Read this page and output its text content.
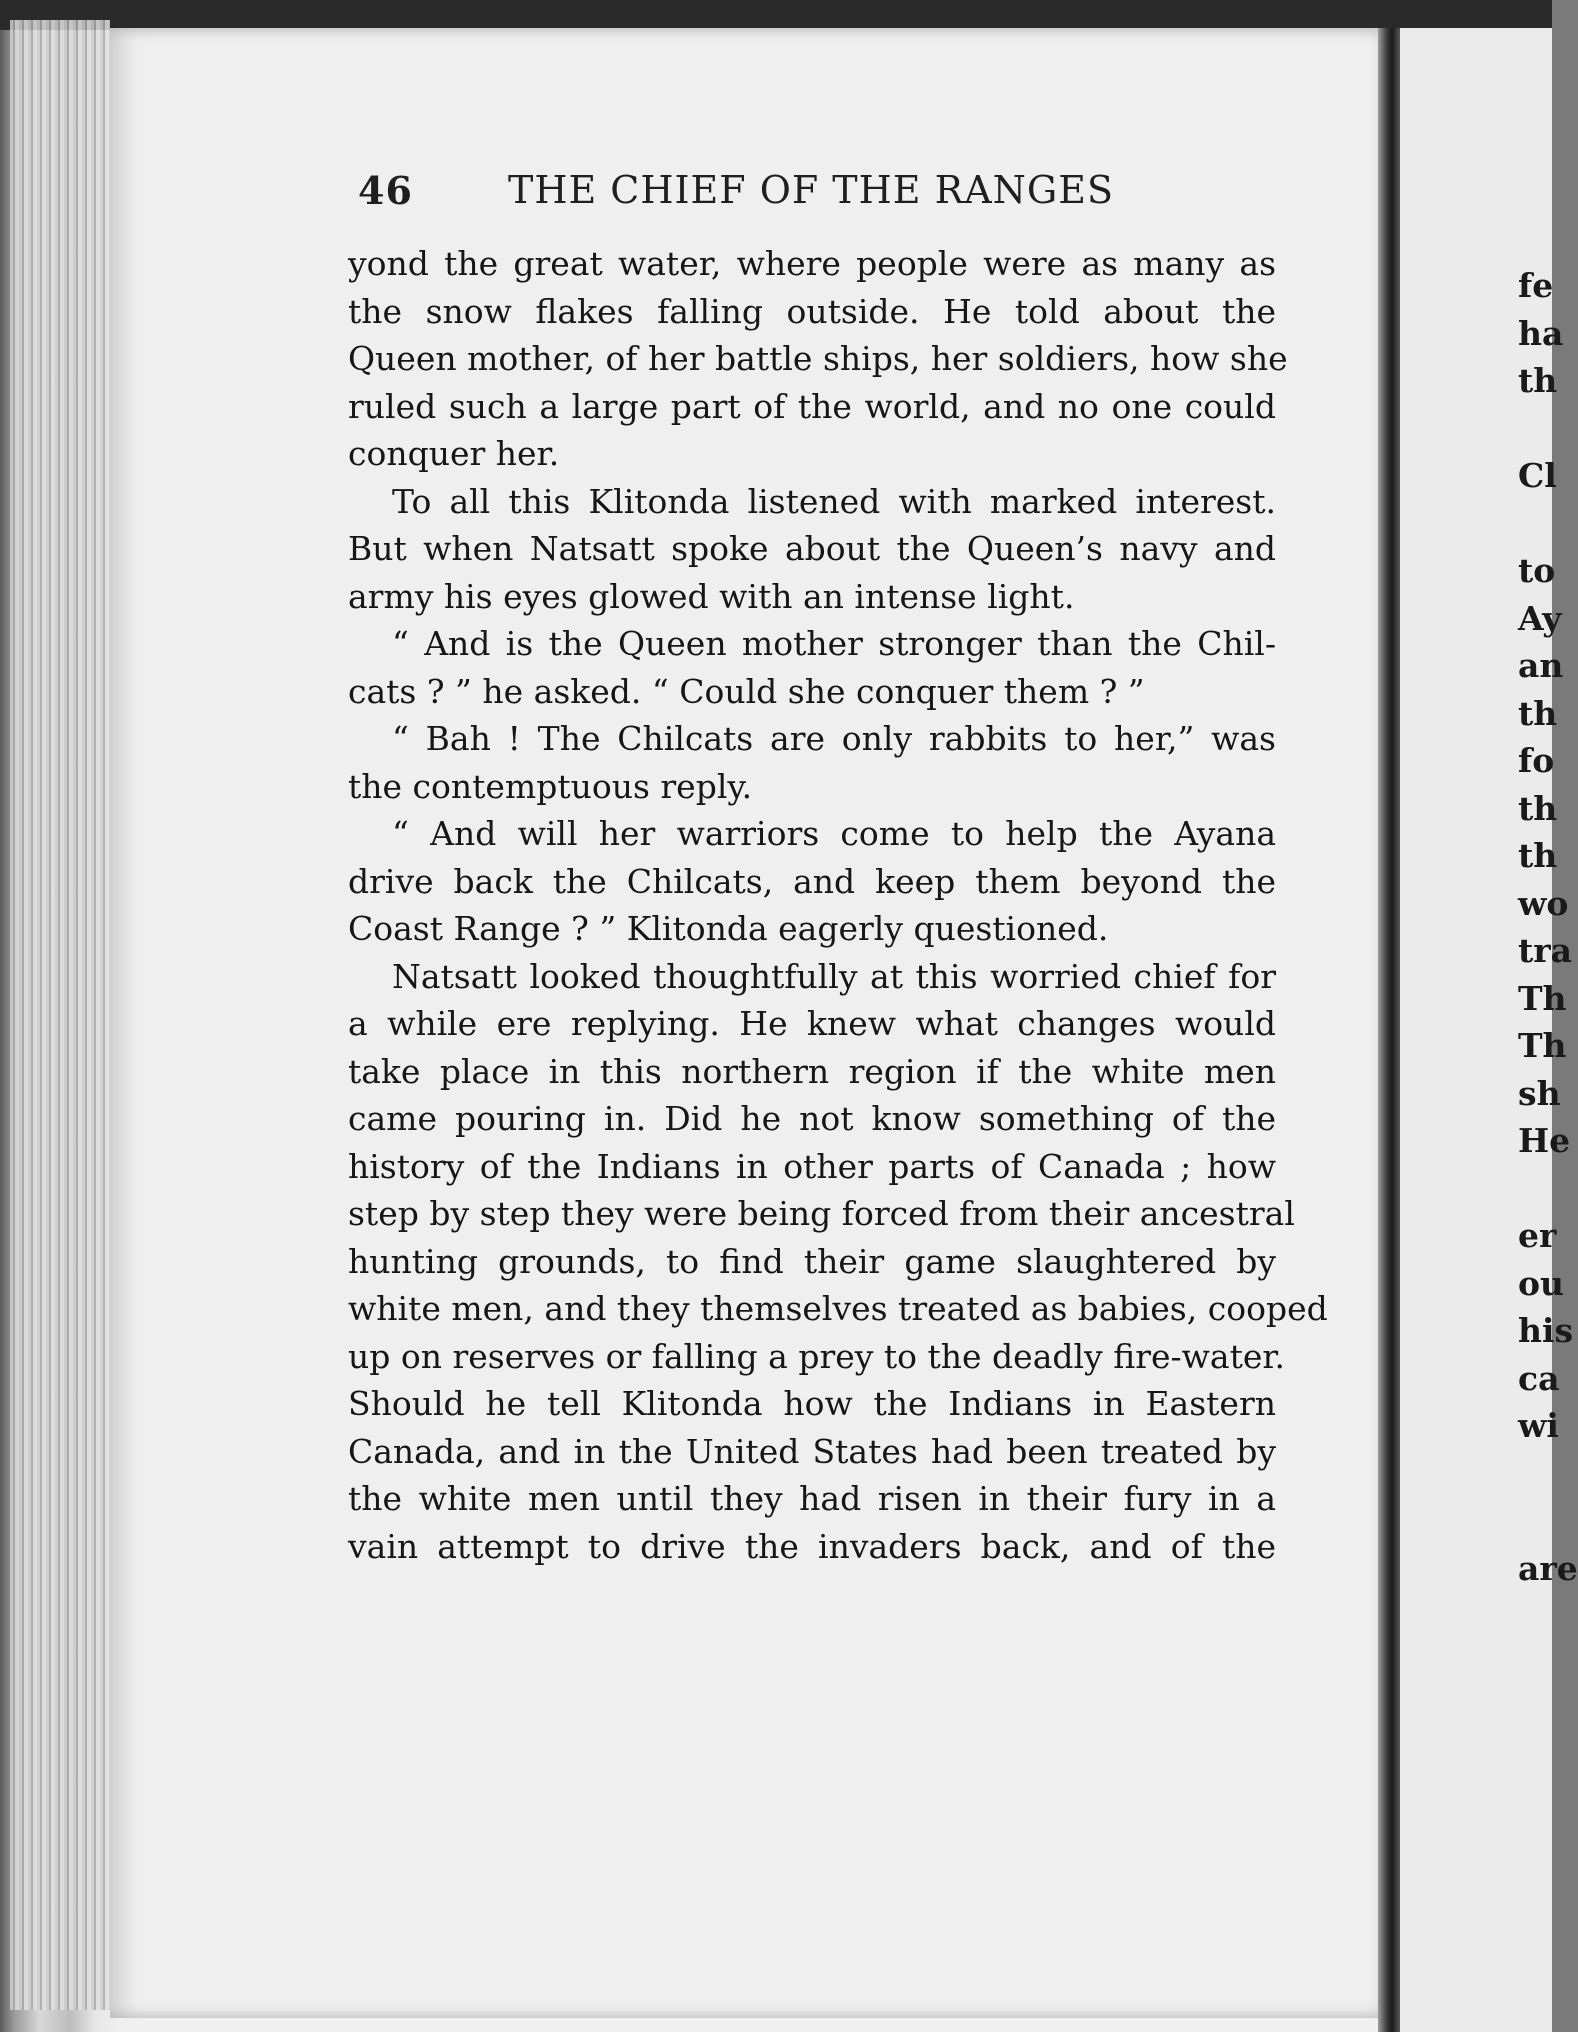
46	THE CHIEF OF THE RANGES
yond the great water, where people were as many as
the snow flakes falling outside. He told about the
Queen mother, of her battle ships, her soldiers, how she
ruled such a large part of the world, and no one could
conquer her.
To all this Klitonda listened with marked interest.
But when Natsatt spoke about the Queen’s navy and
army his eyes glowed with an intense light.
“ And is the Queen mother stronger than the Chil-
cats ? ” he asked. “ Could she conquer them ? ”
“ Bah ! The Chilcats are only rabbits to her,” was
the contemptuous reply.
“ And will her warriors come to help the Ayana
drive back the Chilcats, and keep them beyond the
Coast Range ? ” Klitonda eagerly questioned.
Natsatt looked thoughtfully at this worried chief for
a while ere replying. He knew what changes would
take place in this northern region if the white men
came pouring in. Did he not know something of the
history of the Indians in other parts of Canada ; how
step by step they were being forced from their ancestral
hunting grounds, to find their game slaughtered by
white men, and they themselves treated as babies, cooped
up on reserves or falling a prey to the deadly fire-water.
Should he tell Klitonda how the Indians in Eastern
Canada, and in the United States had been treated by
the white men until they had risen in their fury in a
vain attempt to drive the invaders back, and of the
fe
ha
th
Cl
to
Ay
an
th
fo
th
th
wo
tra
Th
Th
sh
He
er
ou
his
ca
wi
are
